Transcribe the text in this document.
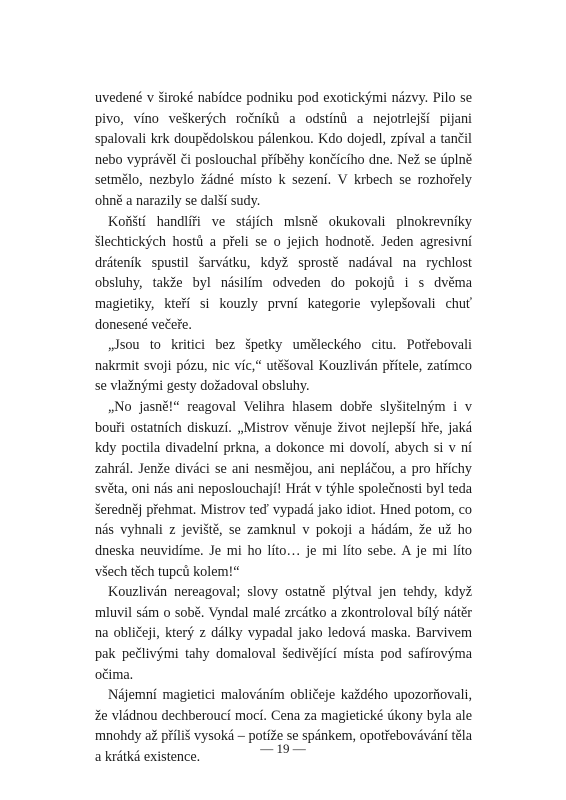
uvedené v široké nabídce podniku pod exotickými názvy. Pilo se pivo, víno veškerých ročníků a odstínů a nejotrlejší pijani spalovali krk doupědolskou pálenkou. Kdo dojedl, zpíval a tančil nebo vyprávěl či poslouchal příběhy končícího dne. Než se úplně setmělo, nezbylo žádné místo k sezení. V krbech se rozhořely ohně a narazily se další sudy.

Koňští handlíři ve stájích mlsně okukovali plnokrevníky šlechtických hostů a přeli se o jejich hodnotě. Jeden agresivní dráteník spustil šarvátku, když sprostě nadával na rychlost obsluhy, takže byl násilím odveden do pokojů i s dvěma magietiky, kteří si kouzly první kategorie vylepšovali chuť donesené večeře.

„Jsou to kritici bez špetky uměleckého citu. Potřebovali nakrmit svoji pózu, nic víc,“ utěšoval Kouzliván přítele, zatímco se vlažnými gesty dožadoval obsluhy.

„No jasně!“ reagoval Velihra hlasem dobře slyšitelným i v bouři ostatních diskuzí. „Mistrov věnuje život nejlepší hře, jaká kdy poctila divadelní prkna, a dokonce mi dovolí, abych si v ní zahrál. Jenže diváci se ani nesmějou, ani nepláčou, a pro hříchy světa, oni nás ani neposlouchají! Hrát v týhle společnosti byl teda šeredněj přehmat. Mistrov teď vypadá jako idiot. Hned potom, co nás vyhnali z jeviště, se zamknul v pokoji a hádám, že už ho dneska neuvidíme. Je mi ho líto… je mi líto sebe. A je mi líto všech těch tupců kolem!“

Kouzliván nereagoval; slovy ostatně plýtval jen tehdy, když mluvil sám o sobě. Vyndal malé zrcátko a zkontroloval bílý nátěr na obličeji, který z dálky vypadal jako ledová maska. Barvivem pak pečlivými tahy domaloval šedivějící místa pod safírovýma očima.

Nájemní magietici malováním obličeje každého upozorňovali, že vládnou dechberoucí mocí. Cena za magietické úkony byla ale mnohdy až příliš vysoká – potíže se spánkem, opotřebovávání těla a krátká existence.

— 19 —
